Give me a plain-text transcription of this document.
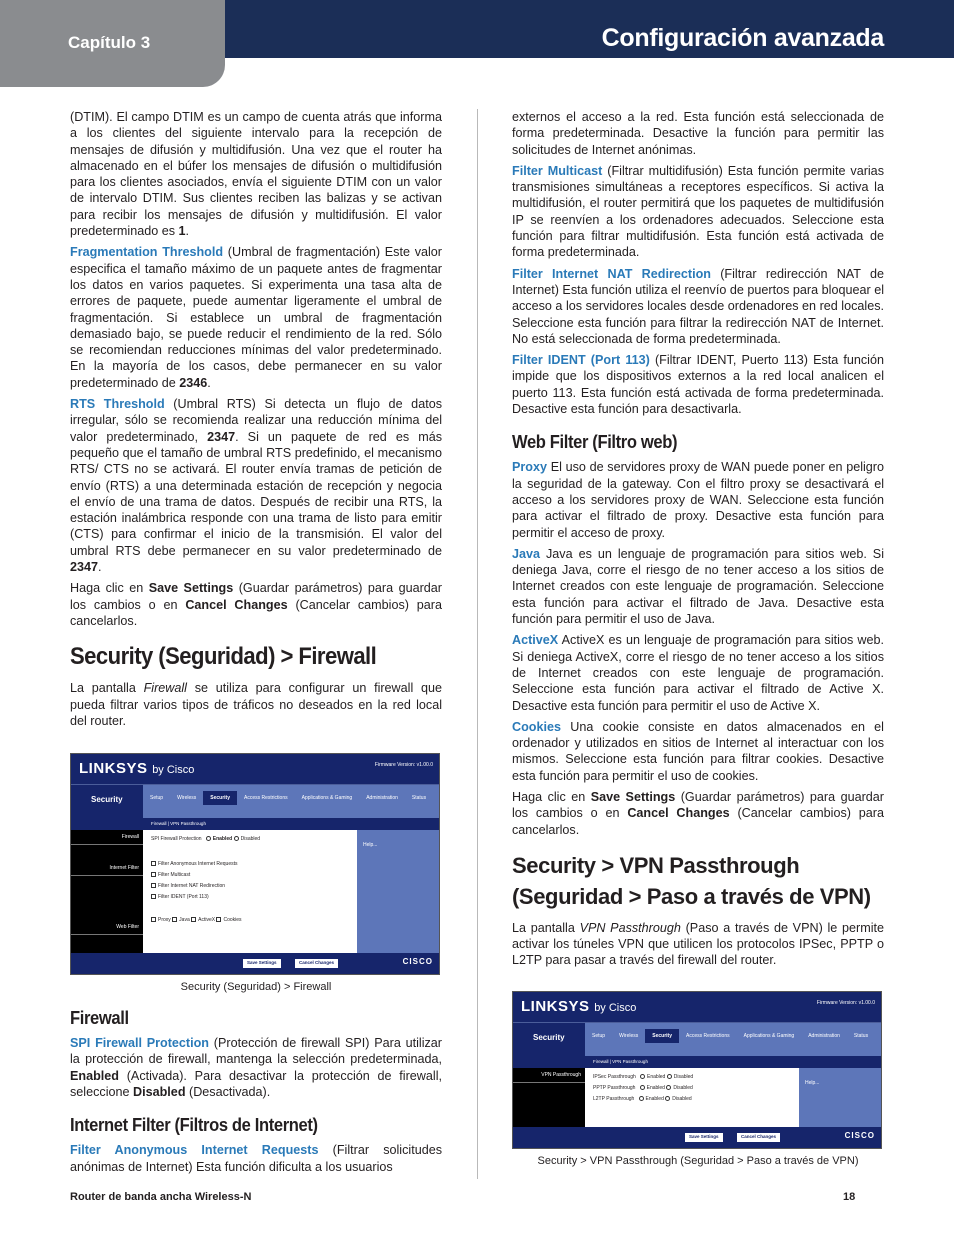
Capítulo 3	Configuración avanzada

(DTIM). El campo DTIM es un campo de cuenta atrás que informa a los clientes del siguiente intervalo para la recepción de mensajes de difusión y multidifusión. Una vez que el router ha almacenado en el búfer los mensajes de difusión o multidifusión para los clientes asociados, envía el siguiente DTIM con un valor de intervalo DTIM. Sus clientes reciben las balizas y se activan para recibir los mensajes de difusión y multidifusión. El valor predeterminado es 1.

Fragmentation Threshold (Umbral de fragmentación) Este valor especifica el tamaño máximo de un paquete antes de fragmentar los datos en varios paquetes. Si experimenta una tasa alta de errores de paquete, puede aumentar ligeramente el umbral de fragmentación. Si establece un umbral de fragmentación demasiado bajo, se puede reducir el rendimiento de la red. Sólo se recomiendan reducciones mínimas del valor predeterminado. En la mayoría de los casos, debe permanecer en su valor predeterminado de 2346.

RTS Threshold (Umbral RTS) Si detecta un flujo de datos irregular, sólo se recomienda realizar una reducción mínima del valor predeterminado, 2347. Si un paquete de red es más pequeño que el tamaño de umbral RTS predefinido, el mecanismo RTS/ CTS no se activará. El router envía tramas de petición de envío (RTS) a una determinada estación de recepción y negocia el envío de una trama de datos. Después de recibir una RTS, la estación inalámbrica responde con una trama de listo para emitir (CTS) para confirmar el inicio de la transmisión. El valor del umbral RTS debe permanecer en su valor predeterminado de 2347.

Haga clic en Save Settings (Guardar parámetros) para guardar los cambios o en Cancel Changes (Cancelar cambios) para cancelarlos.

Security (Seguridad) > Firewall

La pantalla Firewall se utiliza para configurar un firewall que pueda filtrar varios tipos de tráficos no deseados en la red local del router.

LINKSYS by Cisco	Firmware Version: v1.00.0
Security	Setup	Wireless	Security	Access Restrictions	Applications & Gaming	Administration	Status
Firewall | VPN Passthrough
Firewall
Internet Filter
Web Filter
SPI Firewall Protection Enabled Disabled
Filter Anonymous Internet Requests
Filter Multicast
Filter Internet NAT Redirection
Filter IDENT (Port 113)
Proxy Java ActiveX Cookies
Help...
Save Settings	Cancel Changes	CISCO
Security (Seguridad) > Firewall
Firewall

SPI Firewall Protection (Protección de firewall SPI) Para utilizar la protección de firewall, mantenga la selección predeterminada, Enabled (Activada). Para desactivar la protección de firewall, seleccione Disabled (Desactivada).

Internet Filter (Filtros de Internet)

Filter Anonymous Internet Requests (Filtrar solicitudes anónimas de Internet) Esta función dificulta a los usuarios

externos el acceso a la red. Esta función está seleccionada de forma predeterminada. Desactive la función para permitir las solicitudes de Internet anónimas.

Filter Multicast (Filtrar multidifusión) Esta función permite varias transmisiones simultáneas a receptores específicos. Si activa la multidifusión, el router permitirá que los paquetes de multidifusión IP se reenvíen a los ordenadores adecuados. Seleccione esta función para filtrar multidifusión. Esta función está activada de forma predeterminada.

Filter Internet NAT Redirection (Filtrar redirección NAT de Internet) Esta función utiliza el reenvío de puertos para bloquear el acceso a los servidores locales desde ordenadores en red locales. Seleccione esta función para filtrar la redirección NAT de Internet. No está seleccionada de forma predeterminada.

Filter IDENT (Port 113) (Filtrar IDENT, Puerto 113) Esta función impide que los dispositivos externos a la red local analicen el puerto 113. Esta función está activada de forma predeterminada. Desactive esta función para desactivarla.

Web Filter (Filtro web)

Proxy El uso de servidores proxy de WAN puede poner en peligro la seguridad de la gateway. Con el filtro proxy se desactivará el acceso a los servidores proxy de WAN. Seleccione esta función para activar el filtrado de proxy. Desactive esta función para permitir el acceso de proxy.

Java Java es un lenguaje de programación para sitios web. Si deniega Java, corre el riesgo de no tener acceso a los sitios de Internet creados con este lenguaje de programación. Seleccione esta función para activar el filtrado de Java. Desactive esta función para permitir el uso de Java.

ActiveX ActiveX es un lenguaje de programación para sitios web. Si deniega ActiveX, corre el riesgo de no tener acceso a los sitios de Internet creados con este lenguaje de programación. Seleccione esta función para activar el filtrado de Active X. Desactive esta función para permitir el uso de Active X.

Cookies Una cookie consiste en datos almacenados en el ordenador y utilizados en sitios de Internet al interactuar con los mismos. Seleccione esta función para filtrar cookies. Desactive esta función para permitir el uso de cookies.

Haga clic en Save Settings (Guardar parámetros) para guardar los cambios o en Cancel Changes (Cancelar cambios) para cancelarlos.

Security > VPN Passthrough (Seguridad > Paso a través de VPN)

La pantalla VPN Passthrough (Paso a través de VPN) le permite activar los túneles VPN que utilicen los protocolos IPSec, PPTP o L2TP para pasar a través del firewall del router.

LINKSYS by Cisco	Firmware Version: v1.00.0
Security	Setup	Wireless	Security	Access Restrictions	Applications & Gaming	Administration	Status
Firewall | VPN Passthrough
VPN Passthrough	IPSec Passthrough Enabled Disabled
PPTP Passthrough Enabled Disabled
L2TP Passthrough Enabled Disabled
Help...
Save Settings	Cancel Changes	CISCO
Security > VPN Passthrough (Seguridad > Paso a través de VPN)
Router de banda ancha Wireless-N	18
